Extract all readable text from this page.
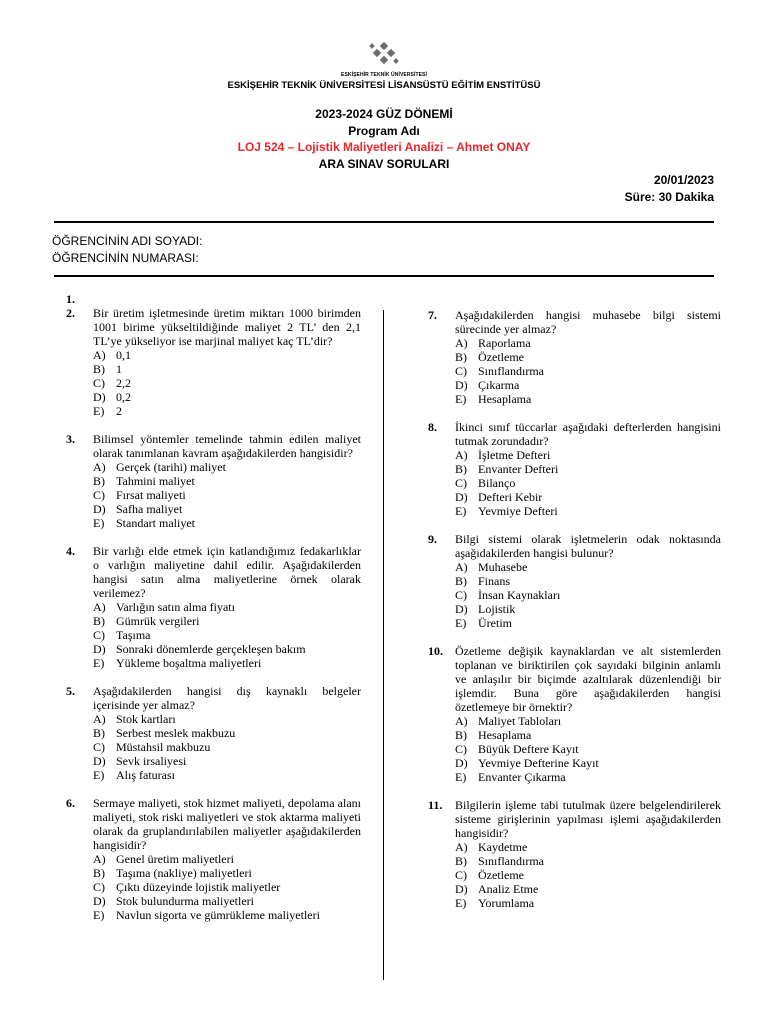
ESKİŞEHİR TEKNİK ÜNİVERSİTESİ
ESKİŞEHİR TEKNİK ÜNİVERSİTESİ LİSANSÜSTÜ EĞİTİM ENSTİTÜSÜ
2023-2024 GÜZ DÖNEMİ
Program Adı
LOJ 524 – Lojistik Maliyetleri Analizi – Ahmet ONAY
ARA SINAV SORULARI
20/01/2023
Süre: 30 Dakika
ÖĞRENCİNİN ADI SOYADI:
ÖĞRENCİNİN NUMARASI:
1.
2. Bir üretim işletmesinde üretim miktarı 1000 birimden 1001 birime yükseltildiğinde maliyet 2 TL’ den 2,1 TL’ye yükseliyor ise marjinal maliyet kaç TL’dir?
A) 0,1
B) 1
C) 2,2
D) 0,2
E) 2
3. Bilimsel yöntemler temelinde tahmin edilen maliyet olarak tanımlanan kavram aşağıdakilerden hangisidir?
A) Gerçek (tarihi) maliyet
B) Tahmini maliyet
C) Fırsat maliyeti
D) Safha maliyet
E) Standart maliyet
4. Bir varlığı elde etmek için katlandığımız fedakarlıklar o varlığın maliyetine dahil edilir. Aşağıdakilerden hangisi satın alma maliyetlerine örnek olarak verilemez?
A) Varlığın satın alma fiyatı
B) Gümrük vergileri
C) Taşıma
D) Sonraki dönemlerde gerçekleşen bakım
E) Yükleme boşaltma maliyetleri
5. Aşağıdakilerden hangisi dış kaynaklı belgeler içerisinde yer almaz?
A) Stok kartları
B) Serbest meslek makbuzu
C) Müstahsil makbuzu
D) Sevk irsaliyesi
E) Alış faturası
6. Sermaye maliyeti, stok hizmet maliyeti, depolama alanı maliyeti, stok riski maliyetleri ve stok aktarma maliyeti olarak da gruplandırılabilen maliyetler aşağıdakilerden hangisidir?
A) Genel üretim maliyetleri
B) Taşıma (nakliye) maliyetleri
C) Çıktı düzeyinde lojistik maliyetler
D) Stok bulundurma maliyetleri
E) Navlun sigorta ve gümrükleme maliyetleri
7. Aşağıdakilerden hangisi muhasebe bilgi sistemi sürecinde yer almaz?
A) Raporlama
B) Özetleme
C) Sınıflandırma
D) Çıkarma
E) Hesaplama
8. İkinci sınıf tüccarlar aşağıdaki defterlerden hangisini tutmak zorundadır?
A) İşletme Defteri
B) Envanter Defteri
C) Bilanço
D) Defteri Kebir
E) Yevmiye Defteri
9. Bilgi sistemi olarak işletmelerin odak noktasında aşağıdakilerden hangisi bulunur?
A) Muhasebe
B) Finans
C) İnsan Kaynakları
D) Lojistik
E) Üretim
10. Özetleme değişik kaynaklardan ve alt sistemlerden toplanan ve biriktirilen çok sayıdaki bilginin anlamlı ve anlaşılır bir biçimde azaltılarak düzenlendiği bir işlemdir. Buna göre aşağıdakilerden hangisi özetlemeye bir örnektir?
A) Maliyet Tabloları
B) Hesaplama
C) Büyük Deftere Kayıt
D) Yevmiye Defterine Kayıt
E) Envanter Çıkarma
11. Bilgilerin işleme tabi tutulmak üzere belgelendirilerek sisteme girişlerinin yapılması işlemi aşağıdakilerden hangisidir?
A) Kaydetme
B) Sınıflandırma
C) Özetleme
D) Analiz Etme
E) Yorumlama
